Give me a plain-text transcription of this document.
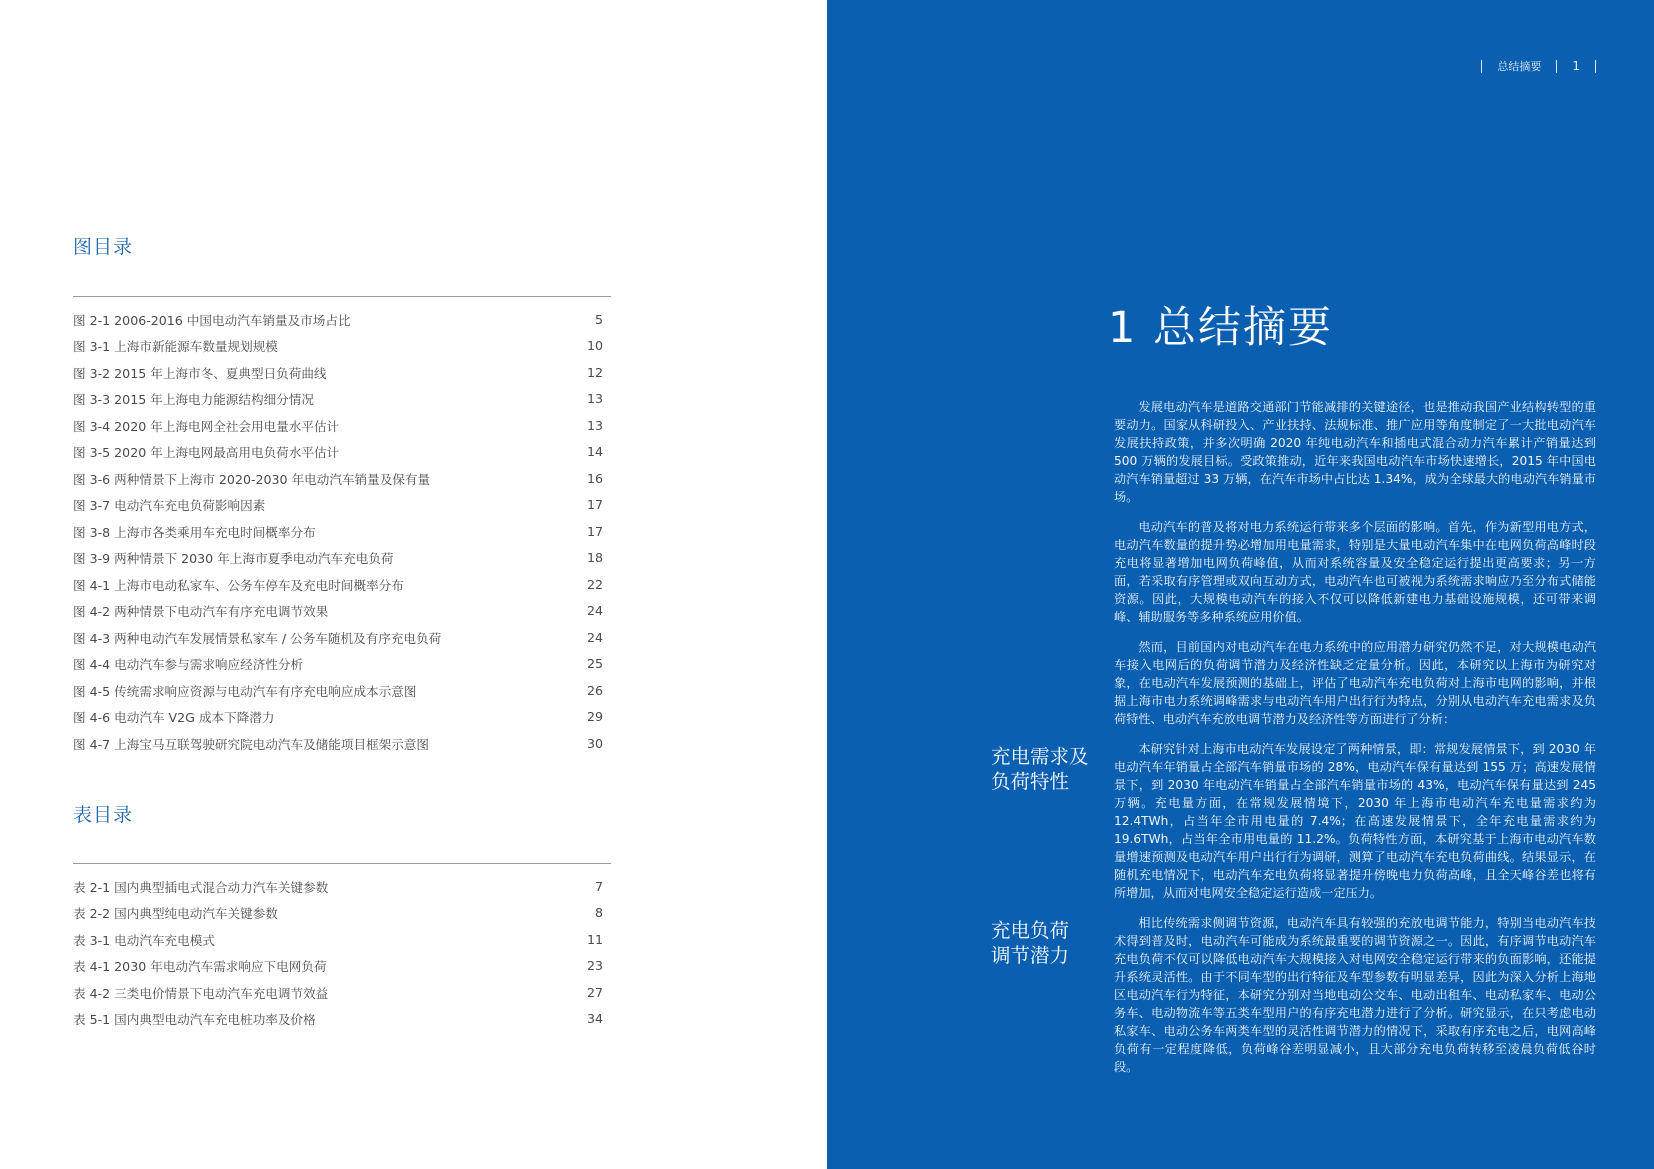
图目录
图 2-1 2006-2016 中国电动汽车销量及市场占比	5
图 3-1 上海市新能源车数量规划规模	10
图 3-2 2015 年上海市冬、夏典型日负荷曲线	12
图 3-3 2015 年上海电力能源结构细分情况	13
图 3-4 2020 年上海电网全社会用电量水平估计	13
图 3-5 2020 年上海电网最高用电负荷水平估计	14
图 3-6 两种情景下上海市 2020-2030 年电动汽车销量及保有量	16
图 3-7 电动汽车充电负荷影响因素	17
图 3-8 上海市各类乘用车充电时间概率分布	17
图 3-9 两种情景下 2030 年上海市夏季电动汽车充电负荷	18
图 4-1 上海市电动私家车、公务车停车及充电时间概率分布	22
图 4-2 两种情景下电动汽车有序充电调节效果	24
图 4-3 两种电动汽车发展情景私家车 / 公务车随机及有序充电负荷	24
图 4-4 电动汽车参与需求响应经济性分析	25
图 4-5 传统需求响应资源与电动汽车有序充电响应成本示意图	26
图 4-6 电动汽车 V2G 成本下降潜力	29
图 4-7 上海宝马互联驾驶研究院电动汽车及储能项目框架示意图	30
表目录
表 2-1 国内典型插电式混合动力汽车关键参数	7
表 2-2 国内典型纯电动汽车关键参数	8
表 3-1 电动汽车充电模式	11
表 4-1 2030 年电动汽车需求响应下电网负荷	23
表 4-2 三类电价情景下电动汽车充电调节效益	27
表 5-1 国内典型电动汽车充电桩功率及价格	34
总结摘要	1
1 总结摘要

发展电动汽车是道路交通部门节能减排的关键途径，也是推动我国产业结构转型的重要动力。国家从科研投入、产业扶持、法规标准、推广应用等角度制定了一大批电动汽车发展扶持政策，并多次明确 2020 年纯电动汽车和插电式混合动力汽车累计产销量达到 500 万辆的发展目标。受政策推动，近年来我国电动汽车市场快速增长，2015 年中国电动汽车销量超过 33 万辆，在汽车市场中占比达 1.34%，成为全球最大的电动汽车销量市场。

电动汽车的普及将对电力系统运行带来多个层面的影响。首先，作为新型用电方式，电动汽车数量的提升势必增加用电量需求，特别是大量电动汽车集中在电网负荷高峰时段充电将显著增加电网负荷峰值，从而对系统容量及安全稳定运行提出更高要求；另一方面，若采取有序管理或双向互动方式，电动汽车也可被视为系统需求响应乃至分布式储能资源。因此，大规模电动汽车的接入不仅可以降低新建电力基础设施规模，还可带来调峰、辅助服务等多种系统应用价值。

然而，目前国内对电动汽车在电力系统中的应用潜力研究仍然不足，对大规模电动汽车接入电网后的负荷调节潜力及经济性缺乏定量分析。因此，本研究以上海市为研究对象，在电动汽车发展预测的基础上，评估了电动汽车充电负荷对上海市电网的影响，并根据上海市电力系统调峰需求与电动汽车用户出行行为特点，分别从电动汽车充电需求及负荷特性、电动汽车充放电调节潜力及经济性等方面进行了分析：

本研究针对上海市电动汽车发展设定了两种情景，即：常规发展情景下，到 2030 年电动汽车年销量占全部汽车销量市场的 28%，电动汽车保有量达到 155 万；高速发展情景下，到 2030 年电动汽车销量占全部汽车销量市场的 43%，电动汽车保有量达到 245 万辆。充电量方面，在常规发展情境下，2030 年上海市电动汽车充电量需求约为 12.4TWh，占当年全市用电量的 7.4%；在高速发展情景下，全年充电量需求约为 19.6TWh，占当年全市用电量的 11.2%。负荷特性方面，本研究基于上海市电动汽车数量增速预测及电动汽车用户出行行为调研，测算了电动汽车充电负荷曲线。结果显示，在随机充电情况下，电动汽车充电负荷将显著提升傍晚电力负荷高峰，且全天峰谷差也将有所增加，从而对电网安全稳定运行造成一定压力。

相比传统需求侧调节资源，电动汽车具有较强的充放电调节能力，特别当电动汽车技术得到普及时，电动汽车可能成为系统最重要的调节资源之一。因此，有序调节电动汽车充电负荷不仅可以降低电动汽车大规模接入对电网安全稳定运行带来的负面影响，还能提升系统灵活性。由于不同车型的出行特征及车型参数有明显差异，因此为深入分析上海地区电动汽车行为特征，本研究分别对当地电动公交车、电动出租车、电动私家车、电动公务车、电动物流车等五类车型用户的有序充电潜力进行了分析。研究显示，在只考虑电动私家车、电动公务车两类车型的灵活性调节潜力的情况下，采取有序充电之后，电网高峰负荷有一定程度降低，负荷峰谷差明显减小，且大部分充电负荷转移至凌晨负荷低谷时段。

充电需求及
负荷特性
充电负荷
调节潜力
